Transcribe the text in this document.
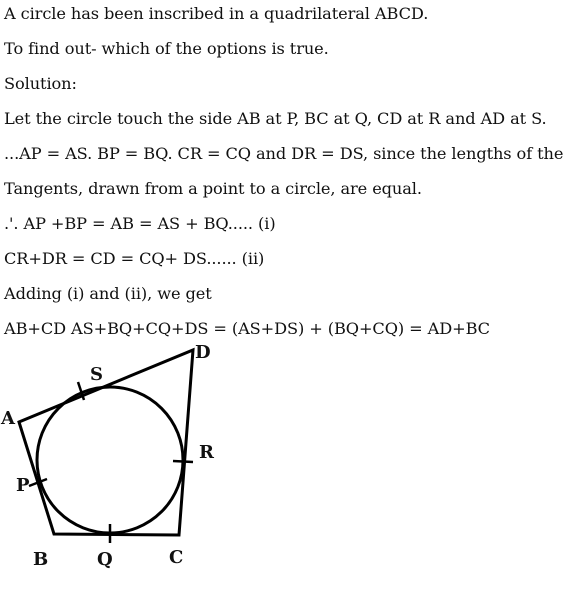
A circle has been inscribed in a quadrilateral ABCD.
To find out- which of the options is true.
Solution:
Let the circle touch the side AB at P, BC at Q, CD at R and AD at S.
...AP = AS. BP = BQ. CR = CQ and DR = DS, since the lengths of the
Tangents, drawn from a point to a circle, are equal.
.'. AP +BP = AB = AS + BQ..... (i)
CR+DR = CD = CQ+ DS...... (ii)
Adding (i) and (ii), we get
AB+CD AS+BQ+CQ+DS = (AS+DS) + (BQ+CQ) = AD+BC
A
B	C
D
S
R
P
Q
